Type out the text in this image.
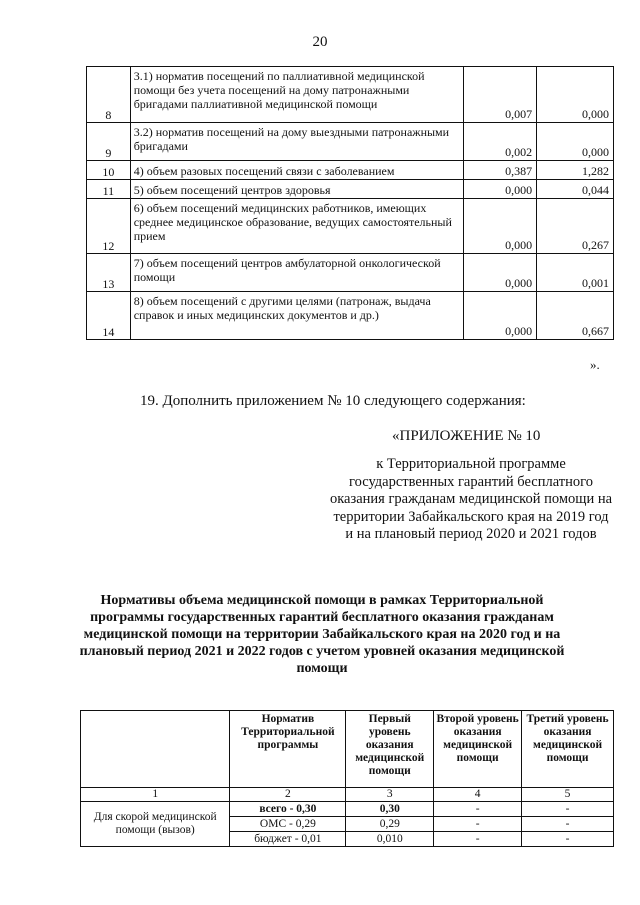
20
8	3.1) норматив посещений по паллиативной медицинской помощи без учета посещений на дому патронажными бригадами паллиативной медицинской помощи	0,007	0,000
9	3.2) норматив посещений на дому выездными патронажными бригадами	0,002	0,000
10	4) объем разовых посещений связи с заболеванием	0,387	1,282
11	5) объем посещений центров здоровья	0,000	0,044
12	6) объем посещений медицинских работников, имеющих среднее медицинское образование, ведущих самостоятельный прием	0,000	0,267
13	7) объем посещений центров амбулаторной онкологической помощи	0,000	0,001
14	8) объем посещений с другими целями (патронаж, выдача справок и иных медицинских документов и др.)	0,000	0,667
».
19. Дополнить приложением № 10 следующего содержания:
«ПРИЛОЖЕНИЕ № 10
к Территориальной программе государственных гарантий бесплатного оказания гражданам медицинской помощи на территории Забайкальского края на 2019 год и на плановый период 2020 и 2021 годов
Нормативы объема медицинской помощи в рамках Территориальной программы государственных гарантий бесплатного оказания гражданам медицинской помощи на территории Забайкальского края на 2020 год и на плановый период 2021 и 2022 годов с учетом уровней оказания медицинской помощи
	Норматив Территориальной программы	Первый уровень оказания медицинской помощи	Второй уровень оказания медицинской помощи	Третий уровень оказания медицинской помощи
1	2	3	4	5
Для скорой медицинской помощи (вызов)	всего - 0,30	0,30	-	-
	ОМС - 0,29	0,29	-	-
	бюджет - 0,01	0,010	-	-
